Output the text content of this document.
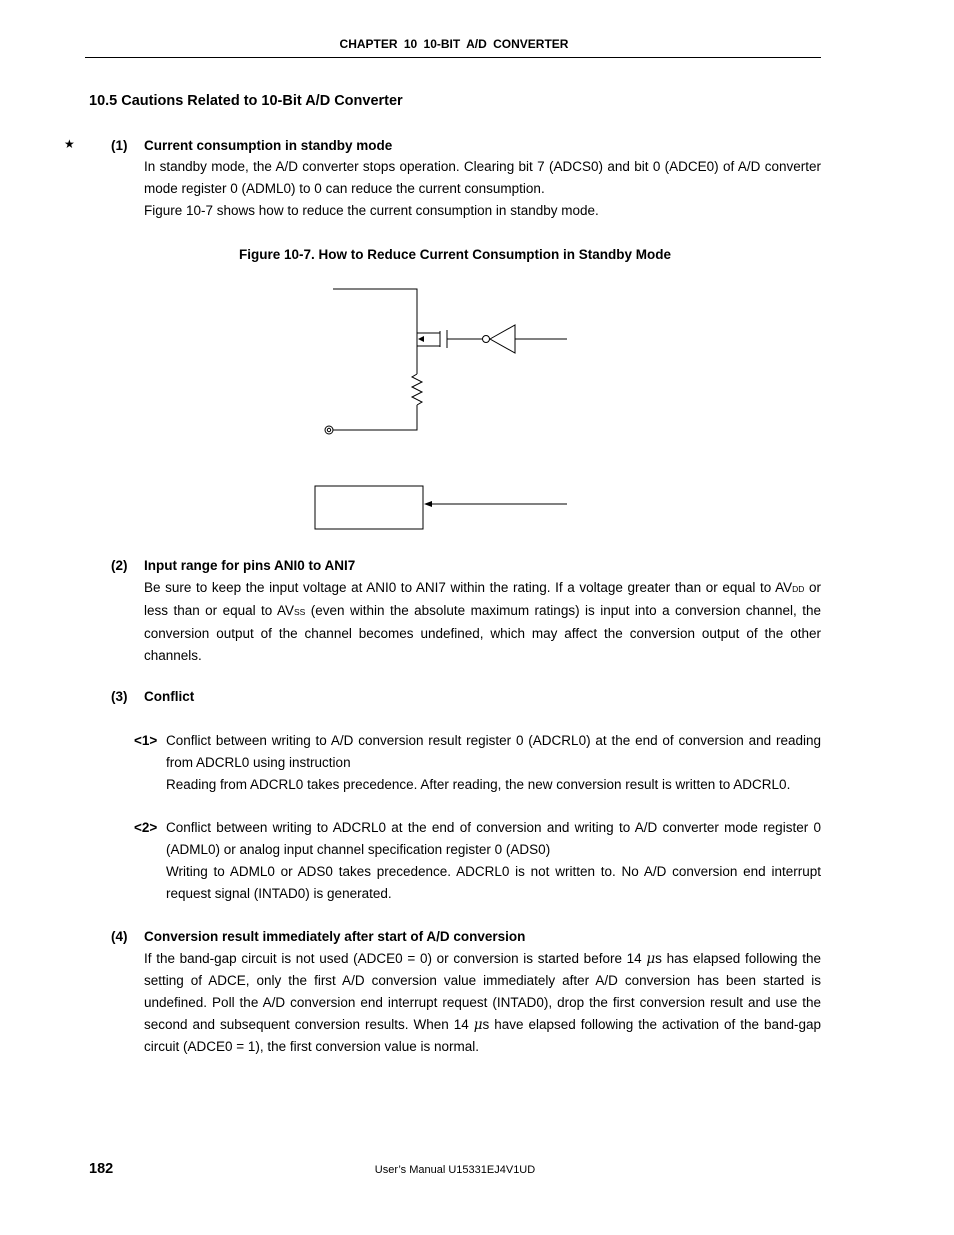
CHAPTER 10 10-BIT A/D CONVERTER
10.5 Cautions Related to 10-Bit A/D Converter
★	(1) Current consumption in standby mode

In standby mode, the A/D converter stops operation. Clearing bit 7 (ADCS0) and bit 0 (ADCE0) of A/D converter mode register 0 (ADML0) to 0 can reduce the current consumption.

Figure 10-7 shows how to reduce the current consumption in standby mode.

Figure 10-7. How to Reduce Current Consumption in Standby Mode
(2) Input range for pins ANI0 to ANI7

Be sure to keep the input voltage at ANI0 to ANI7 within the rating. If a voltage greater than or equal to AVDD or less than or equal to AVSS (even within the absolute maximum ratings) is input into a conversion channel, the conversion output of the channel becomes undefined, which may affect the conversion output of the other channels.

(3) Conflict
<1> Conflict between writing to A/D conversion result register 0 (ADCRL0) at the end of conversion and reading from ADCRL0 using instruction

Reading from ADCRL0 takes precedence. After reading, the new conversion result is written to ADCRL0.

<2> Conflict between writing to ADCRL0 at the end of conversion and writing to A/D converter mode register 0 (ADML0) or analog input channel specification register 0 (ADS0)

Writing to ADML0 or ADS0 takes precedence. ADCRL0 is not written to. No A/D conversion end interrupt request signal (INTAD0) is generated.

(4) Conversion result immediately after start of A/D conversion

If the band-gap circuit is not used (ADCE0 = 0) or conversion is started before 14 μs has elapsed following the setting of ADCE, only the first A/D conversion value immediately after A/D conversion has been started is undefined. Poll the A/D conversion end interrupt request (INTAD0), drop the first conversion result and use the second and subsequent conversion results. When 14 μs have elapsed following the activation of the band-gap circuit (ADCE0 = 1), the first conversion value is normal.

182	User’s Manual U15331EJ4V1UD
